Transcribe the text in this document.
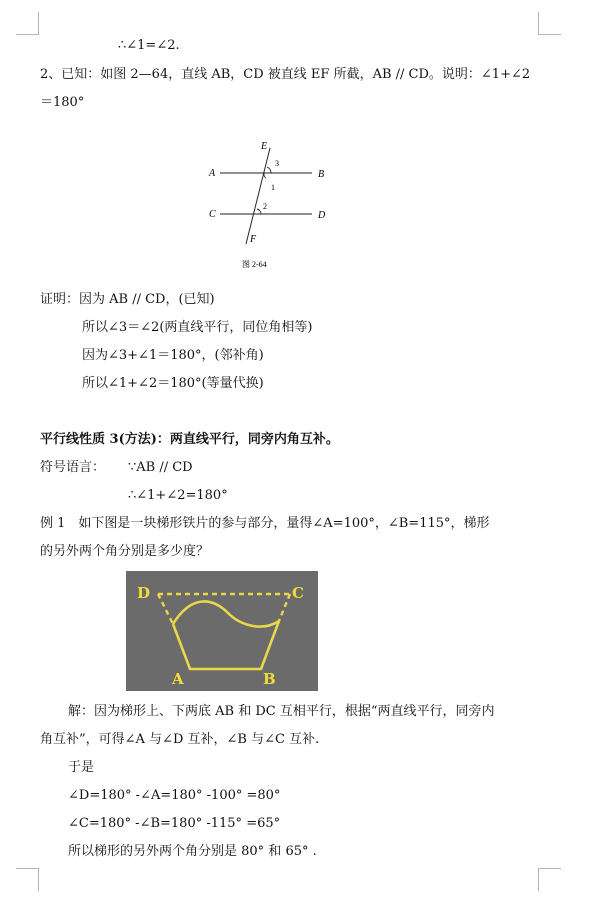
∴∠1=∠2.
2、已知：如图 2—64，直线 AB，CD 被直线 EF 所截，AB // CD。说明：∠1+∠2
＝180°
A	B
C	D
E
F
3
1
2
图 2-64
证明：因为 AB // CD，(已知)
所以∠3＝∠2(两直线平行，同位角相等)
因为∠3+∠1＝180°，(邻补角)
所以∠1+∠2＝180°(等量代换)
平行线性质 3(方法)：两直线平行，同旁内角互补。
符号语言： ∵AB // CD
∴∠1+∠2=180°
例 1　如下图是一块梯形铁片的参与部分，量得∠A=100°，∠B=115°，梯形
的另外两个角分别是多少度？
D	C
A	B
解：因为梯形上、下两底 AB 和 DC 互相平行，根据“两直线平行，同旁内
角互补”，可得∠A 与∠D 互补，∠B 与∠C 互补.
于是
∠D=180° -∠A=180° -100° =80°
∠C=180° -∠B=180° -115° =65°
所以梯形的另外两个角分别是 80° 和 65° .
